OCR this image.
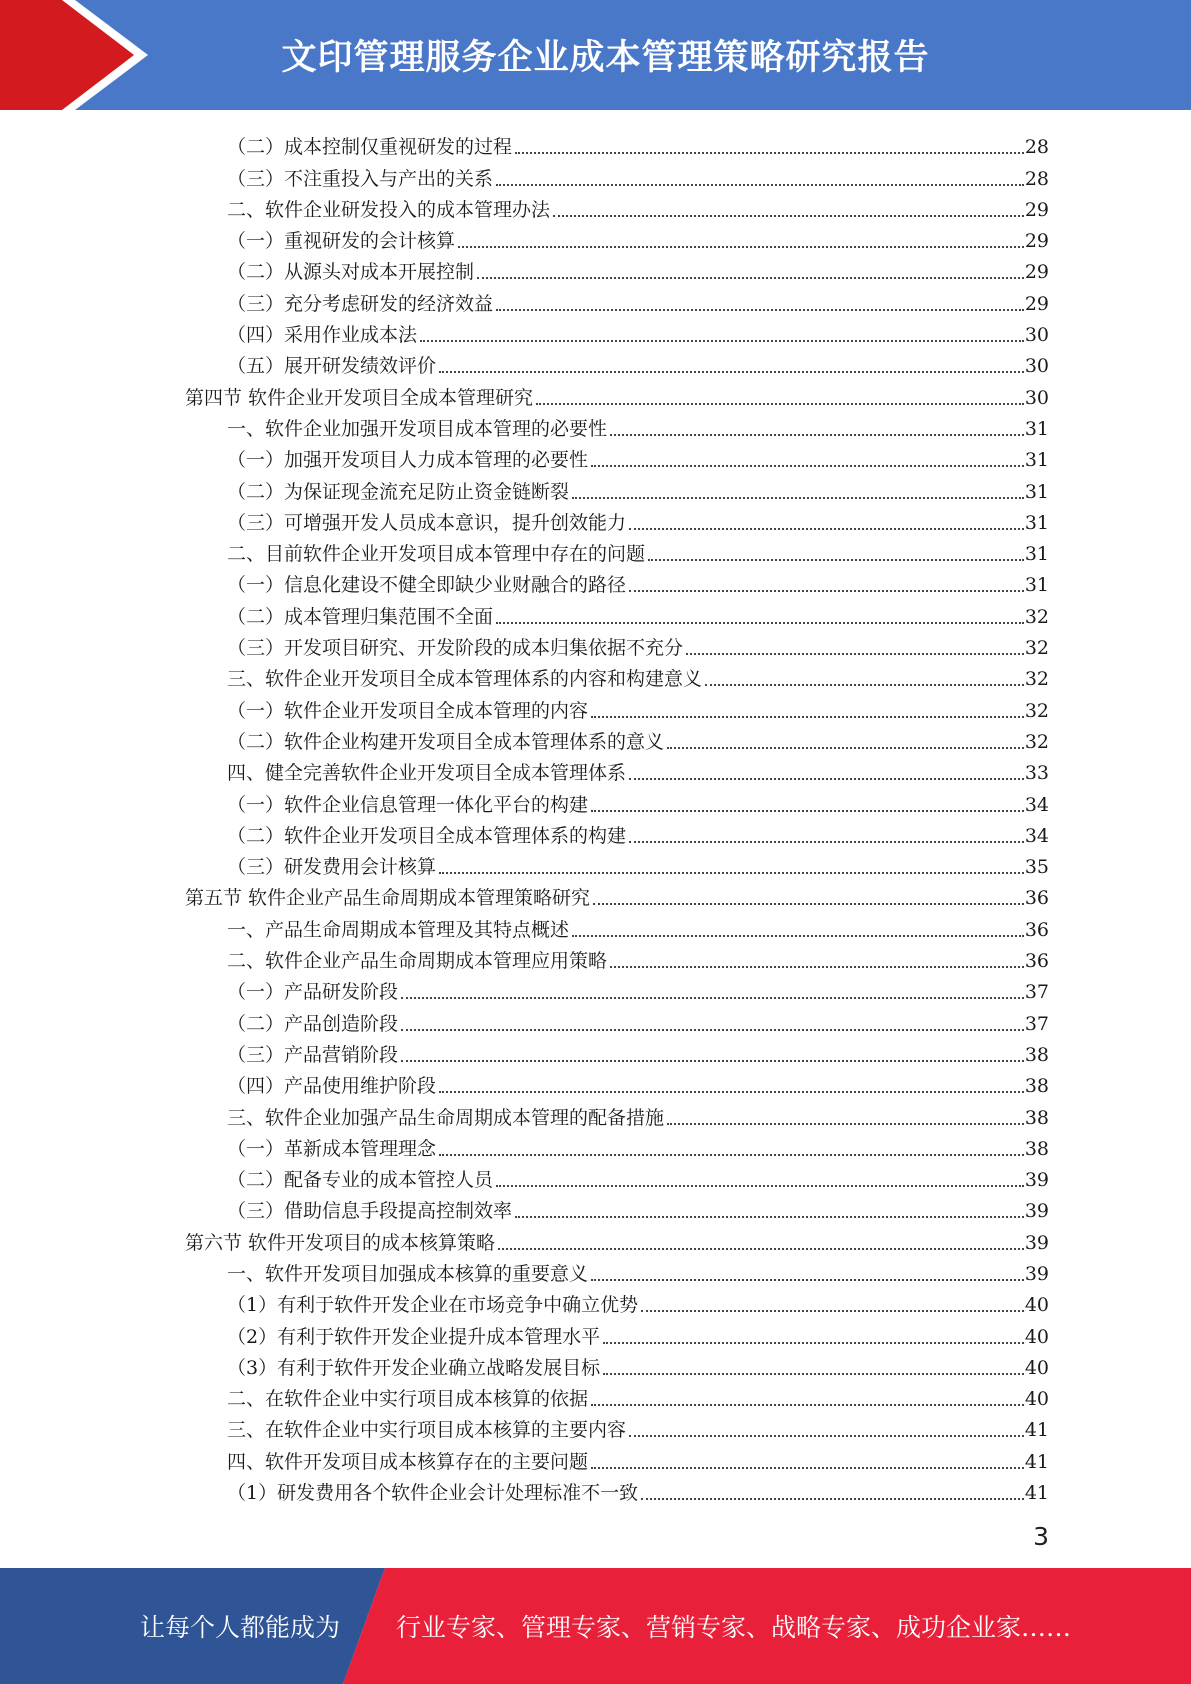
文印管理服务企业成本管理策略研究报告
（二）成本控制仅重视研发的过程	28
（三）不注重投入与产出的关系	28
二、软件企业研发投入的成本管理办法	29
（一）重视研发的会计核算	29
（二）从源头对成本开展控制	29
（三）充分考虑研发的经济效益	29
（四）采用作业成本法	30
（五）展开研发绩效评价	30
第四节 软件企业开发项目全成本管理研究	30
一、软件企业加强开发项目成本管理的必要性	31
（一）加强开发项目人力成本管理的必要性	31
（二）为保证现金流充足防止资金链断裂	31
（三）可增强开发人员成本意识，提升创效能力	31
二、目前软件企业开发项目成本管理中存在的问题	31
（一）信息化建设不健全即缺少业财融合的路径	31
（二）成本管理归集范围不全面	32
（三）开发项目研究、开发阶段的成本归集依据不充分	32
三、软件企业开发项目全成本管理体系的内容和构建意义	32
（一）软件企业开发项目全成本管理的内容	32
（二）软件企业构建开发项目全成本管理体系的意义	32
四、健全完善软件企业开发项目全成本管理体系	33
（一）软件企业信息管理一体化平台的构建	34
（二）软件企业开发项目全成本管理体系的构建	34
（三）研发费用会计核算	35
第五节 软件企业产品生命周期成本管理策略研究	36
一、产品生命周期成本管理及其特点概述	36
二、软件企业产品生命周期成本管理应用策略	36
（一）产品研发阶段	37
（二）产品创造阶段	37
（三）产品营销阶段	38
（四）产品使用维护阶段	38
三、软件企业加强产品生命周期成本管理的配备措施	38
（一）革新成本管理理念	38
（二）配备专业的成本管控人员	39
（三）借助信息手段提高控制效率	39
第六节 软件开发项目的成本核算策略	39
一、软件开发项目加强成本核算的重要意义	39
（1）有利于软件开发企业在市场竞争中确立优势	40
（2）有利于软件开发企业提升成本管理水平	40
（3）有利于软件开发企业确立战略发展目标	40
二、在软件企业中实行项目成本核算的依据	40
三、在软件企业中实行项目成本核算的主要内容	41
四、软件开发项目成本核算存在的主要问题	41
（1）研发费用各个软件企业会计处理标准不一致	41
3
让每个人都能成为 行业专家、管理专家、营销专家、战略专家、成功企业家……
